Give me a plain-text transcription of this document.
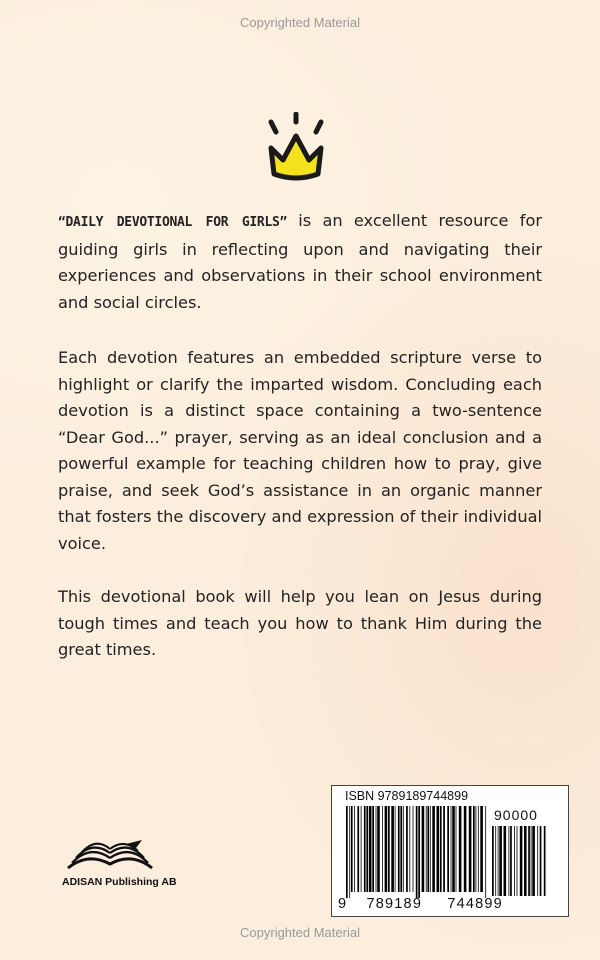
Copyrighted Material

“DAILY DEVOTIONAL FOR GIRLS” is an excellent resource for guiding girls in reflecting upon and navigating their experiences and observations in their school environment and social circles.

Each devotion features an embedded scripture verse to highlight or clarify the imparted wisdom. Concluding each devotion is a distinct space containing a two-sentence “Dear God...” prayer, serving as an ideal conclusion and a powerful example for teaching children how to pray, give praise, and seek God’s assistance in an organic manner that fosters the discovery and expression of their individual voice.

This devotional book will help you lean on Jesus during tough times and teach you how to thank Him during the great times.

ADISAN Publishing AB
ISBN 9789189744899
90000
9 789189 744899
Copyrighted Material
